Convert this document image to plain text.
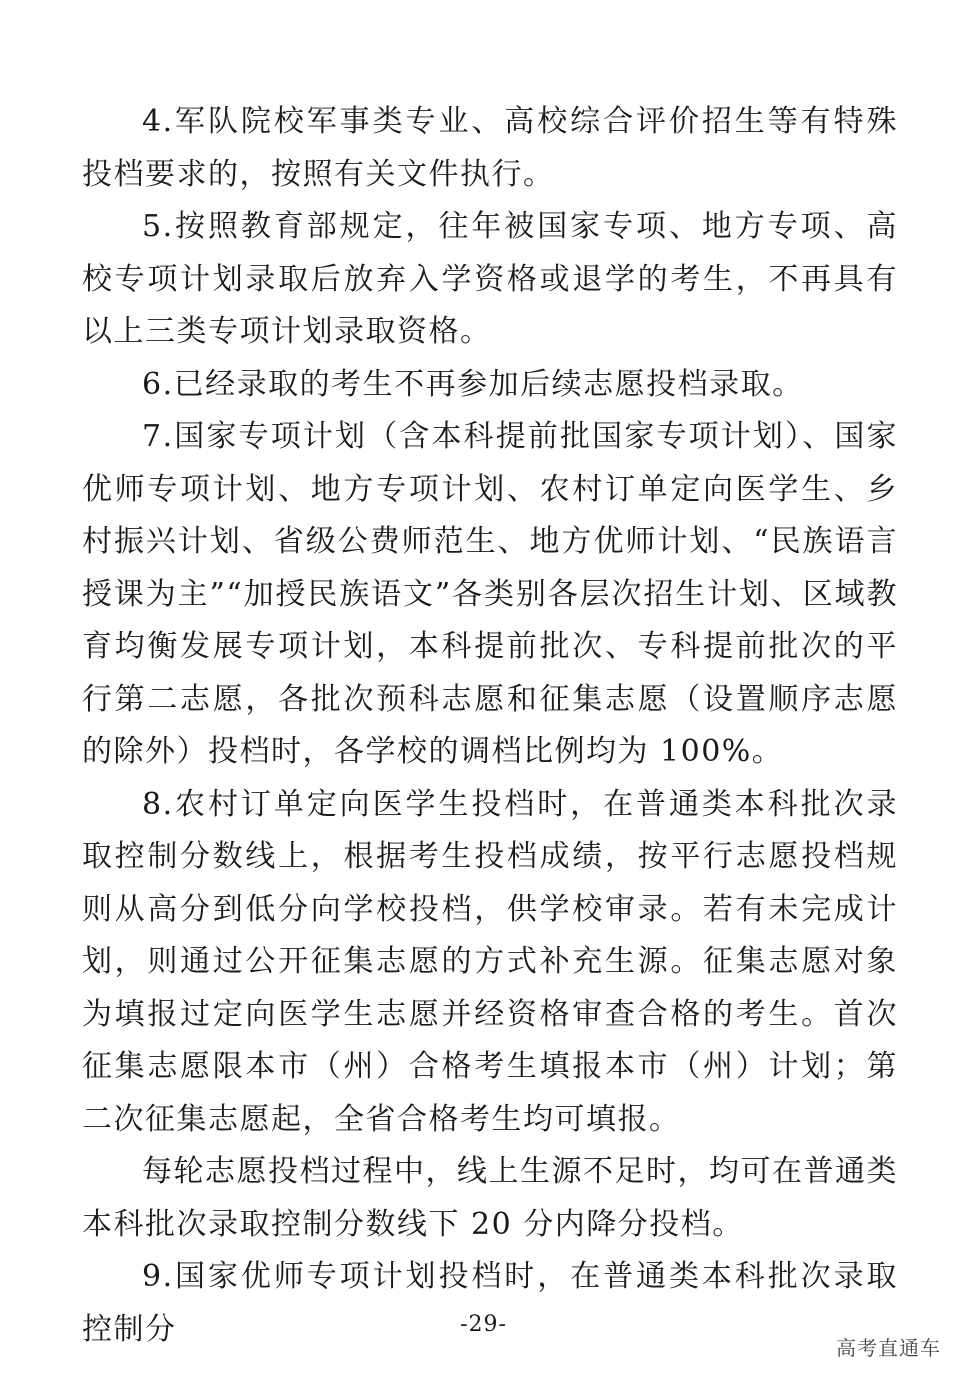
4.军队院校军事类专业、高校综合评价招生等有特殊投档要求的，按照有关文件执行。

5.按照教育部规定，往年被国家专项、地方专项、高校专项计划录取后放弃入学资格或退学的考生，不再具有以上三类专项计划录取资格。

6.已经录取的考生不再参加后续志愿投档录取。

7.国家专项计划（含本科提前批国家专项计划）、国家优师专项计划、地方专项计划、农村订单定向医学生、乡村振兴计划、省级公费师范生、地方优师计划、“民族语言授课为主”“加授民族语文”各类别各层次招生计划、区域教育均衡发展专项计划，本科提前批次、专科提前批次的平行第二志愿，各批次预科志愿和征集志愿（设置顺序志愿的除外）投档时，各学校的调档比例均为 100%。

8.农村订单定向医学生投档时，在普通类本科批次录取控制分数线上，根据考生投档成绩，按平行志愿投档规则从高分到低分向学校投档，供学校审录。若有未完成计划，则通过公开征集志愿的方式补充生源。征集志愿对象为填报过定向医学生志愿并经资格审查合格的考生。首次征集志愿限本市（州）合格考生填报本市（州）计划；第二次征集志愿起，全省合格考生均可填报。

每轮志愿投档过程中，线上生源不足时，均可在普通类本科批次录取控制分数线下 20 分内降分投档。

9.国家优师专项计划投档时，在普通类本科批次录取控制分	-29-
高考直通车
